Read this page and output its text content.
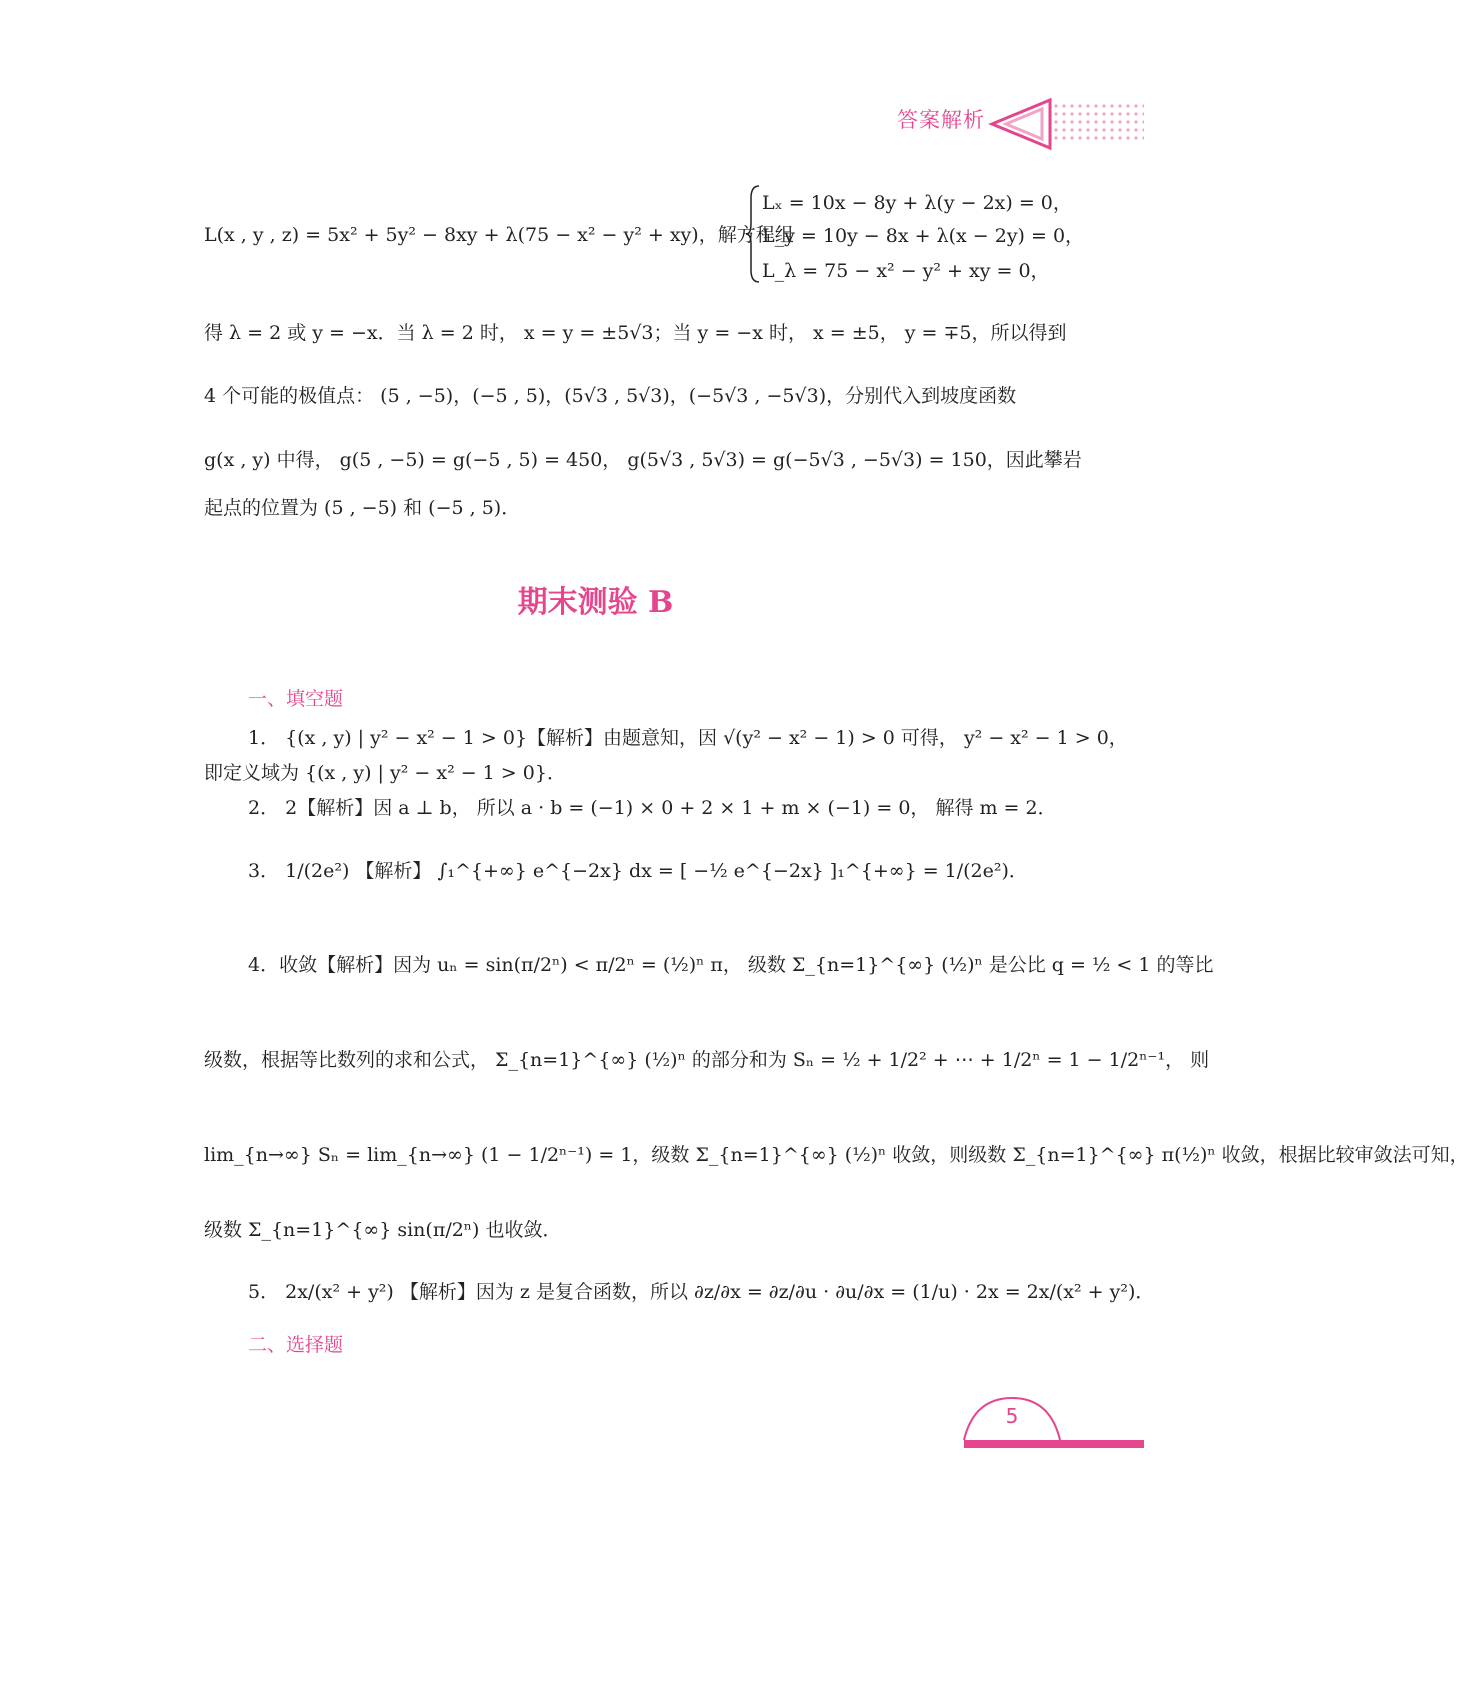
答案解析
L(x , y , z) = 5x² + 5y² − 8xy + λ(75 − x² − y² + xy)，解方程组
Lₓ = 10x − 8y + λ(y − 2x) = 0，
L_y = 10y − 8x + λ(x − 2y) = 0，
L_λ = 75 − x² − y² + xy = 0，
得 λ = 2 或 y = −x．当 λ = 2 时， x = y = ±5√3；当 y = −x 时， x = ±5， y = ∓5，所以得到
4 个可能的极值点： (5 , −5)，(−5 , 5)，(5√3 , 5√3)，(−5√3 , −5√3)，分别代入到坡度函数
g(x , y) 中得， g(5 , −5) = g(−5 , 5) = 450， g(5√3 , 5√3) = g(−5√3 , −5√3) = 150，因此攀岩
起点的位置为 (5 , −5) 和 (−5 , 5)．
期末测验 B
一、填空题
1． {(x , y) | y² − x² − 1 > 0}【解析】由题意知，因 √(y² − x² − 1) > 0 可得， y² − x² − 1 > 0，
即定义域为 {(x , y) | y² − x² − 1 > 0}．
2． 2【解析】因 a ⊥ b， 所以 a · b = (−1) × 0 + 2 × 1 + m × (−1) = 0， 解得 m = 2．
3． 1/(2e²) 【解析】 ∫₁^{+∞} e^{−2x} dx = [ −½ e^{−2x} ]₁^{+∞} = 1/(2e²)．
4．收敛【解析】因为 uₙ = sin(π/2ⁿ) < π/2ⁿ = (½)ⁿ π， 级数 Σ_{n=1}^{∞} (½)ⁿ 是公比 q = ½ < 1 的等比
级数，根据等比数列的求和公式， Σ_{n=1}^{∞} (½)ⁿ 的部分和为 Sₙ = ½ + 1/2² + ⋯ + 1/2ⁿ = 1 − 1/2ⁿ⁻¹， 则
lim_{n→∞} Sₙ = lim_{n→∞} (1 − 1/2ⁿ⁻¹) = 1，级数 Σ_{n=1}^{∞} (½)ⁿ 收敛，则级数 Σ_{n=1}^{∞} π(½)ⁿ 收敛，根据比较审敛法可知，
级数 Σ_{n=1}^{∞} sin(π/2ⁿ) 也收敛．
5． 2x/(x² + y²) 【解析】因为 z 是复合函数，所以 ∂z/∂x = ∂z/∂u · ∂u/∂x = (1/u) · 2x = 2x/(x² + y²)．
二、选择题
5
